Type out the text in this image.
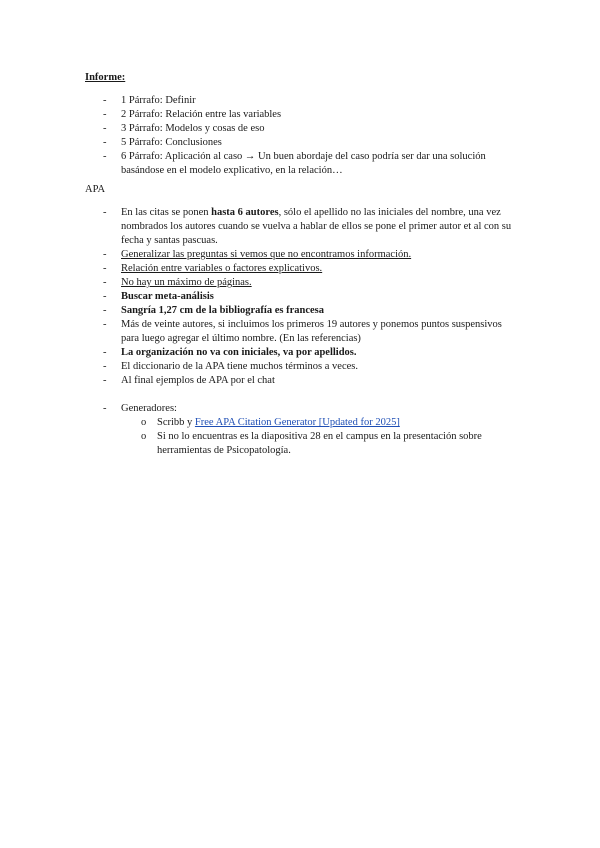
Informe:
- 1 Párrafo: Definir
- 2 Párrafo: Relación entre las variables
- 3 Párrafo: Modelos y cosas de eso
- 5 Párrafo: Conclusiones
- 6 Párrafo: Aplicación al caso → Un buen abordaje del caso podría ser dar una solución basándose en el modelo explicativo, en la relación…
APA
- En las citas se ponen hasta 6 autores, sólo el apellido no las iniciales del nombre, una vez nombrados los autores cuando se vuelva a hablar de ellos se pone el primer autor et al con su fecha y santas pascuas.
- Generalizar las preguntas si vemos que no encontramos información.
- Relación entre variables o factores explicativos.
- No hay un máximo de páginas.
- Buscar meta-análisis
- Sangría 1,27 cm de la bibliografía es francesa
- Más de veinte autores, si incluimos los primeros 19 autores y ponemos puntos suspensivos para luego agregar el último nombre. (En las referencias)
- La organización no va con iniciales, va por apellidos.
- El diccionario de la APA tiene muchos términos a veces.
- Al final ejemplos de APA por el chat
- Generadores:
o Scribb y Free APA Citation Generator [Updated for 2025]
o Si no lo encuentras es la diapositiva 28 en el campus en la presentación sobre herramientas de Psicopatología.
